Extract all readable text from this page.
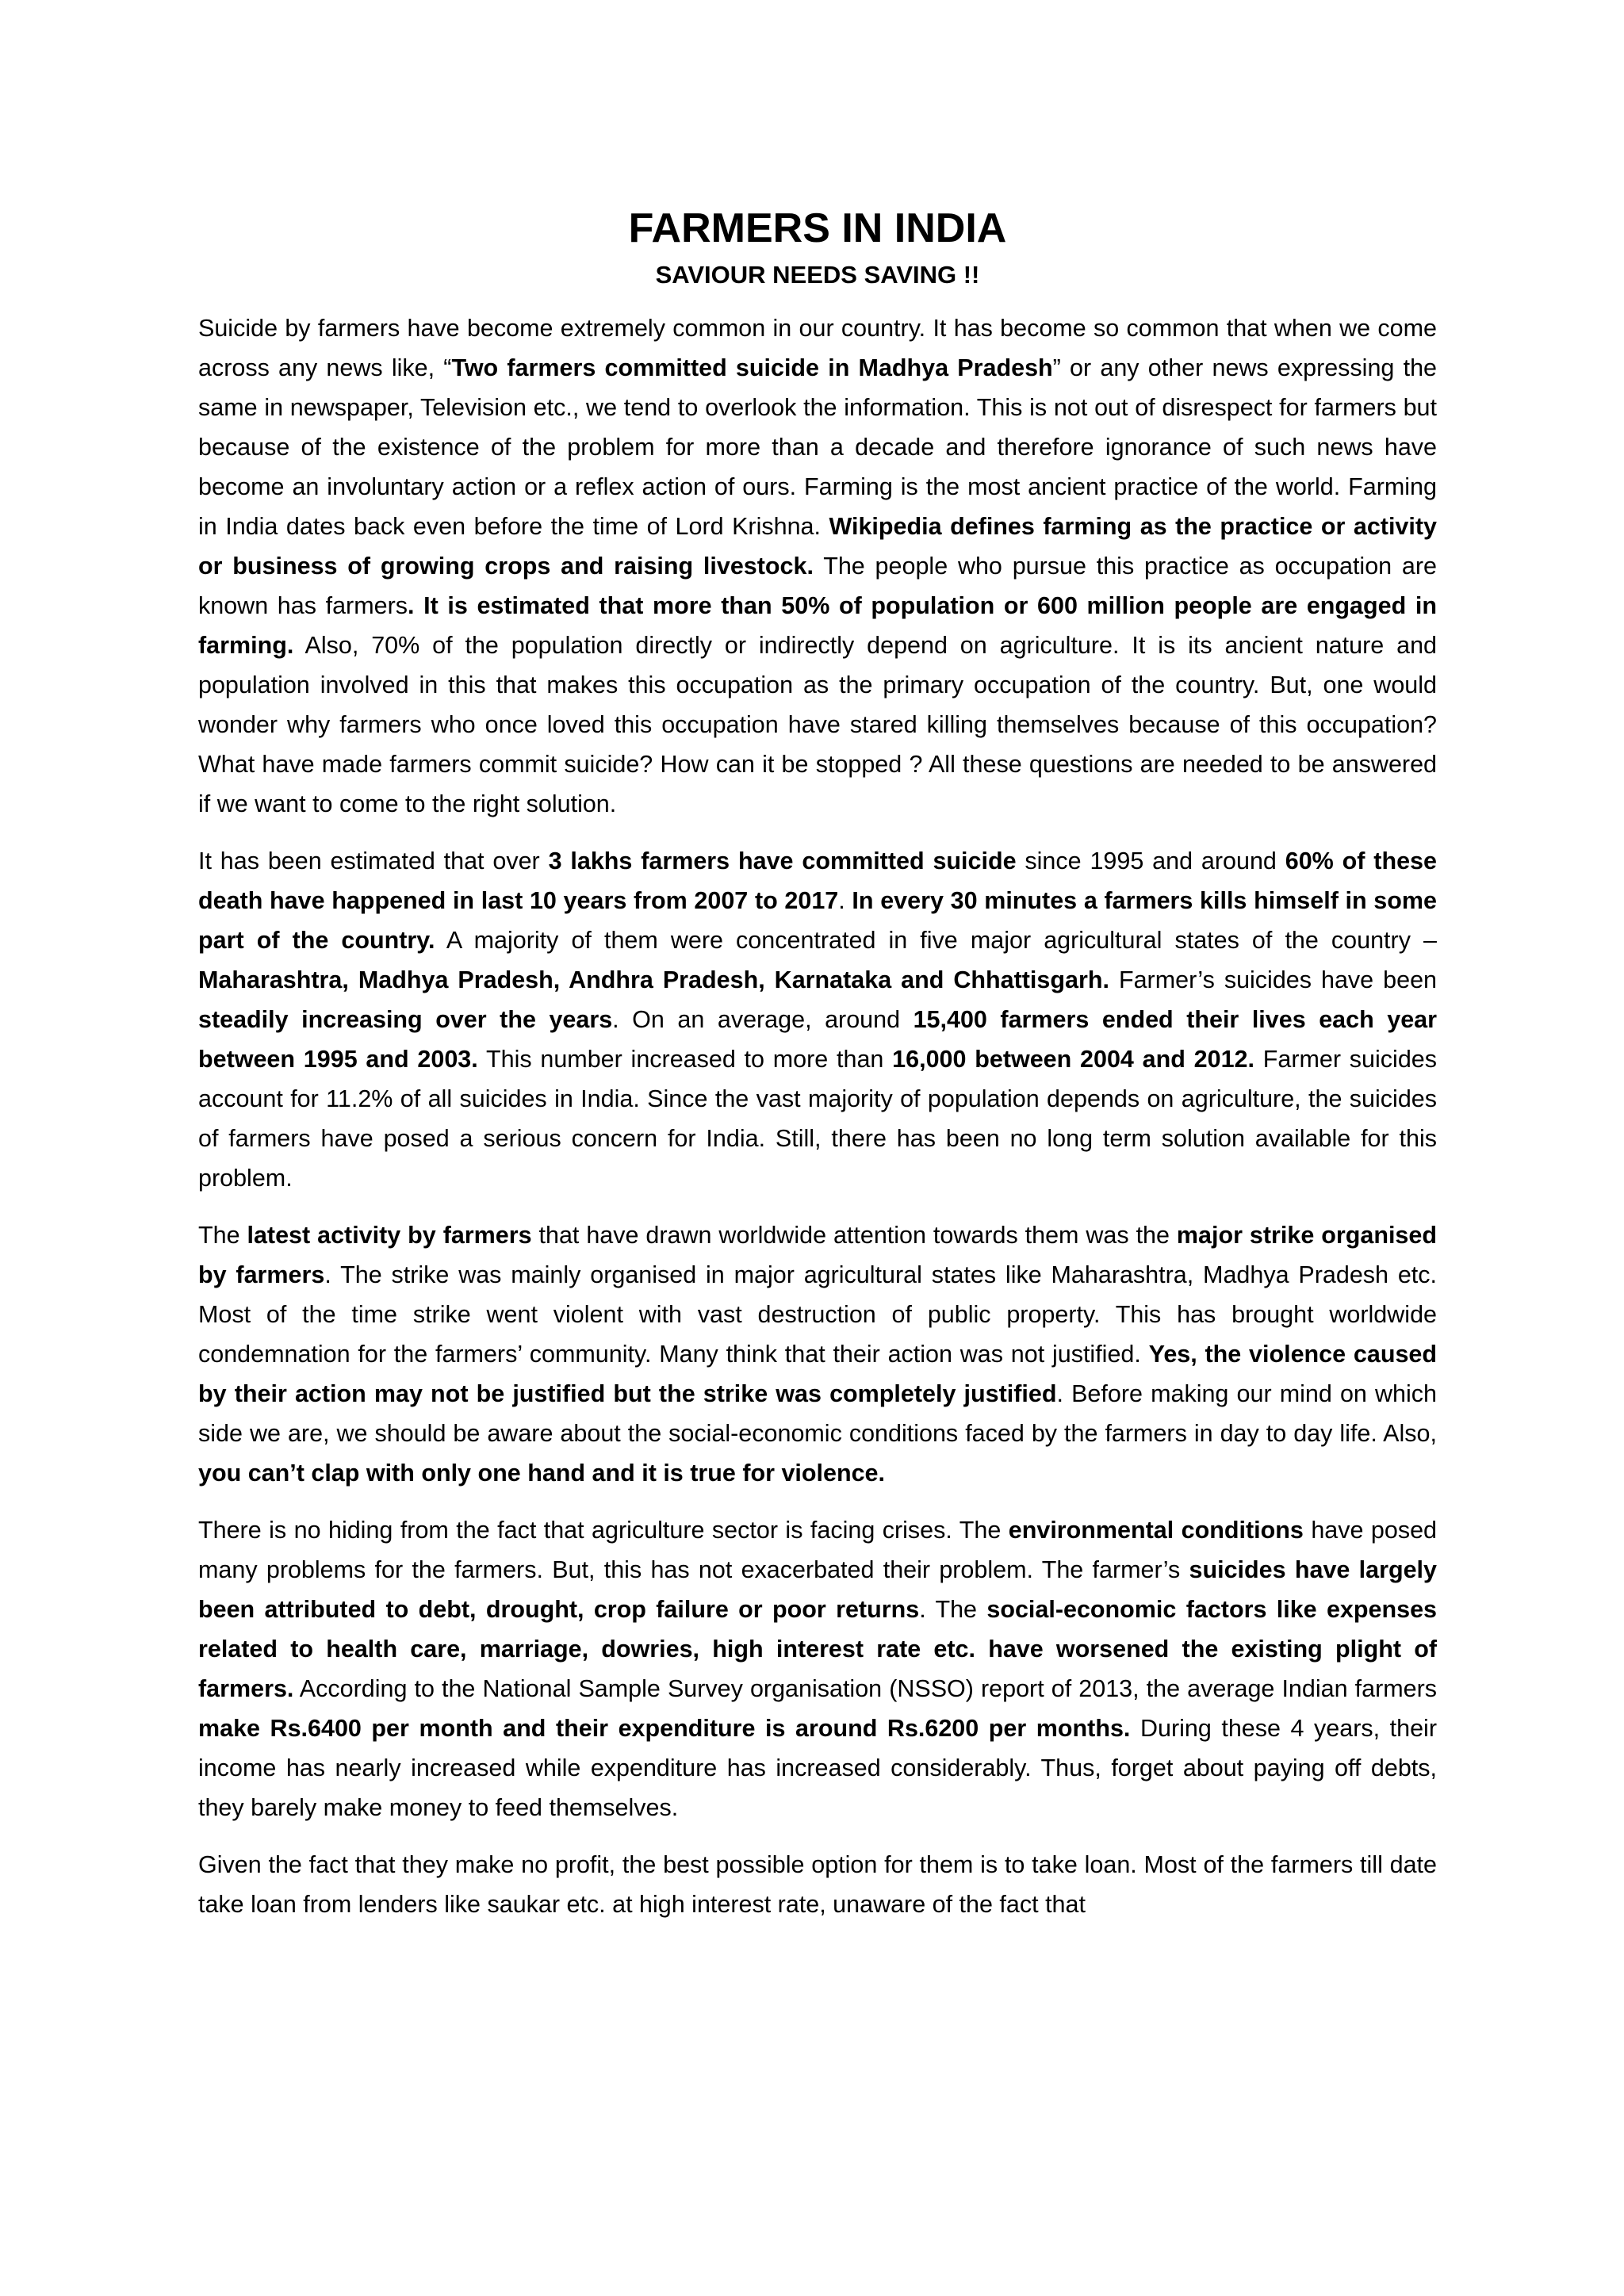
FARMERS IN INDIA
SAVIOUR NEEDS SAVING !!

Suicide by farmers have become extremely common in our country. It has become so common that when we come across any news like, “Two farmers committed suicide in Madhya Pradesh” or any other news expressing the same in newspaper, Television etc., we tend to overlook the information. This is not out of disrespect for farmers but because of the existence of the problem for more than a decade and therefore ignorance of such news have become an involuntary action or a reflex action of ours. Farming is the most ancient practice of the world. Farming in India dates back even before the time of Lord Krishna. Wikipedia defines farming as the practice or activity or business of growing crops and raising livestock. The people who pursue this practice as occupation are known has farmers. It is estimated that more than 50% of population or 600 million people are engaged in farming. Also, 70% of the population directly or indirectly depend on agriculture. It is its ancient nature and population involved in this that makes this occupation as the primary occupation of the country. But, one would wonder why farmers who once loved this occupation have stared killing themselves because of this occupation? What have made farmers commit suicide? How can it be stopped ? All these questions are needed to be answered if we want to come to the right solution.

It has been estimated that over 3 lakhs farmers have committed suicide since 1995 and around 60% of these death have happened in last 10 years from 2007 to 2017. In every 30 minutes a farmers kills himself in some part of the country. A majority of them were concentrated in five major agricultural states of the country – Maharashtra, Madhya Pradesh, Andhra Pradesh, Karnataka and Chhattisgarh. Farmer’s suicides have been steadily increasing over the years. On an average, around 15,400 farmers ended their lives each year between 1995 and 2003. This number increased to more than 16,000 between 2004 and 2012. Farmer suicides account for 11.2% of all suicides in India. Since the vast majority of population depends on agriculture, the suicides of farmers have posed a serious concern for India. Still, there has been no long term solution available for this problem.

The latest activity by farmers that have drawn worldwide attention towards them was the major strike organised by farmers. The strike was mainly organised in major agricultural states like Maharashtra, Madhya Pradesh etc. Most of the time strike went violent with vast destruction of public property. This has brought worldwide condemnation for the farmers’ community. Many think that their action was not justified. Yes, the violence caused by their action may not be justified but the strike was completely justified. Before making our mind on which side we are, we should be aware about the social-economic conditions faced by the farmers in day to day life. Also, you can’t clap with only one hand and it is true for violence.

There is no hiding from the fact that agriculture sector is facing crises. The environmental conditions have posed many problems for the farmers. But, this has not exacerbated their problem. The farmer’s suicides have largely been attributed to debt, drought, crop failure or poor returns. The social-economic factors like expenses related to health care, marriage, dowries, high interest rate etc. have worsened the existing plight of farmers. According to the National Sample Survey organisation (NSSO) report of 2013, the average Indian farmers make Rs.6400 per month and their expenditure is around Rs.6200 per months. During these 4 years, their income has nearly increased while expenditure has increased considerably. Thus, forget about paying off debts, they barely make money to feed themselves.

Given the fact that they make no profit, the best possible option for them is to take loan. Most of the farmers till date take loan from lenders like saukar etc. at high interest rate, unaware of the fact that
